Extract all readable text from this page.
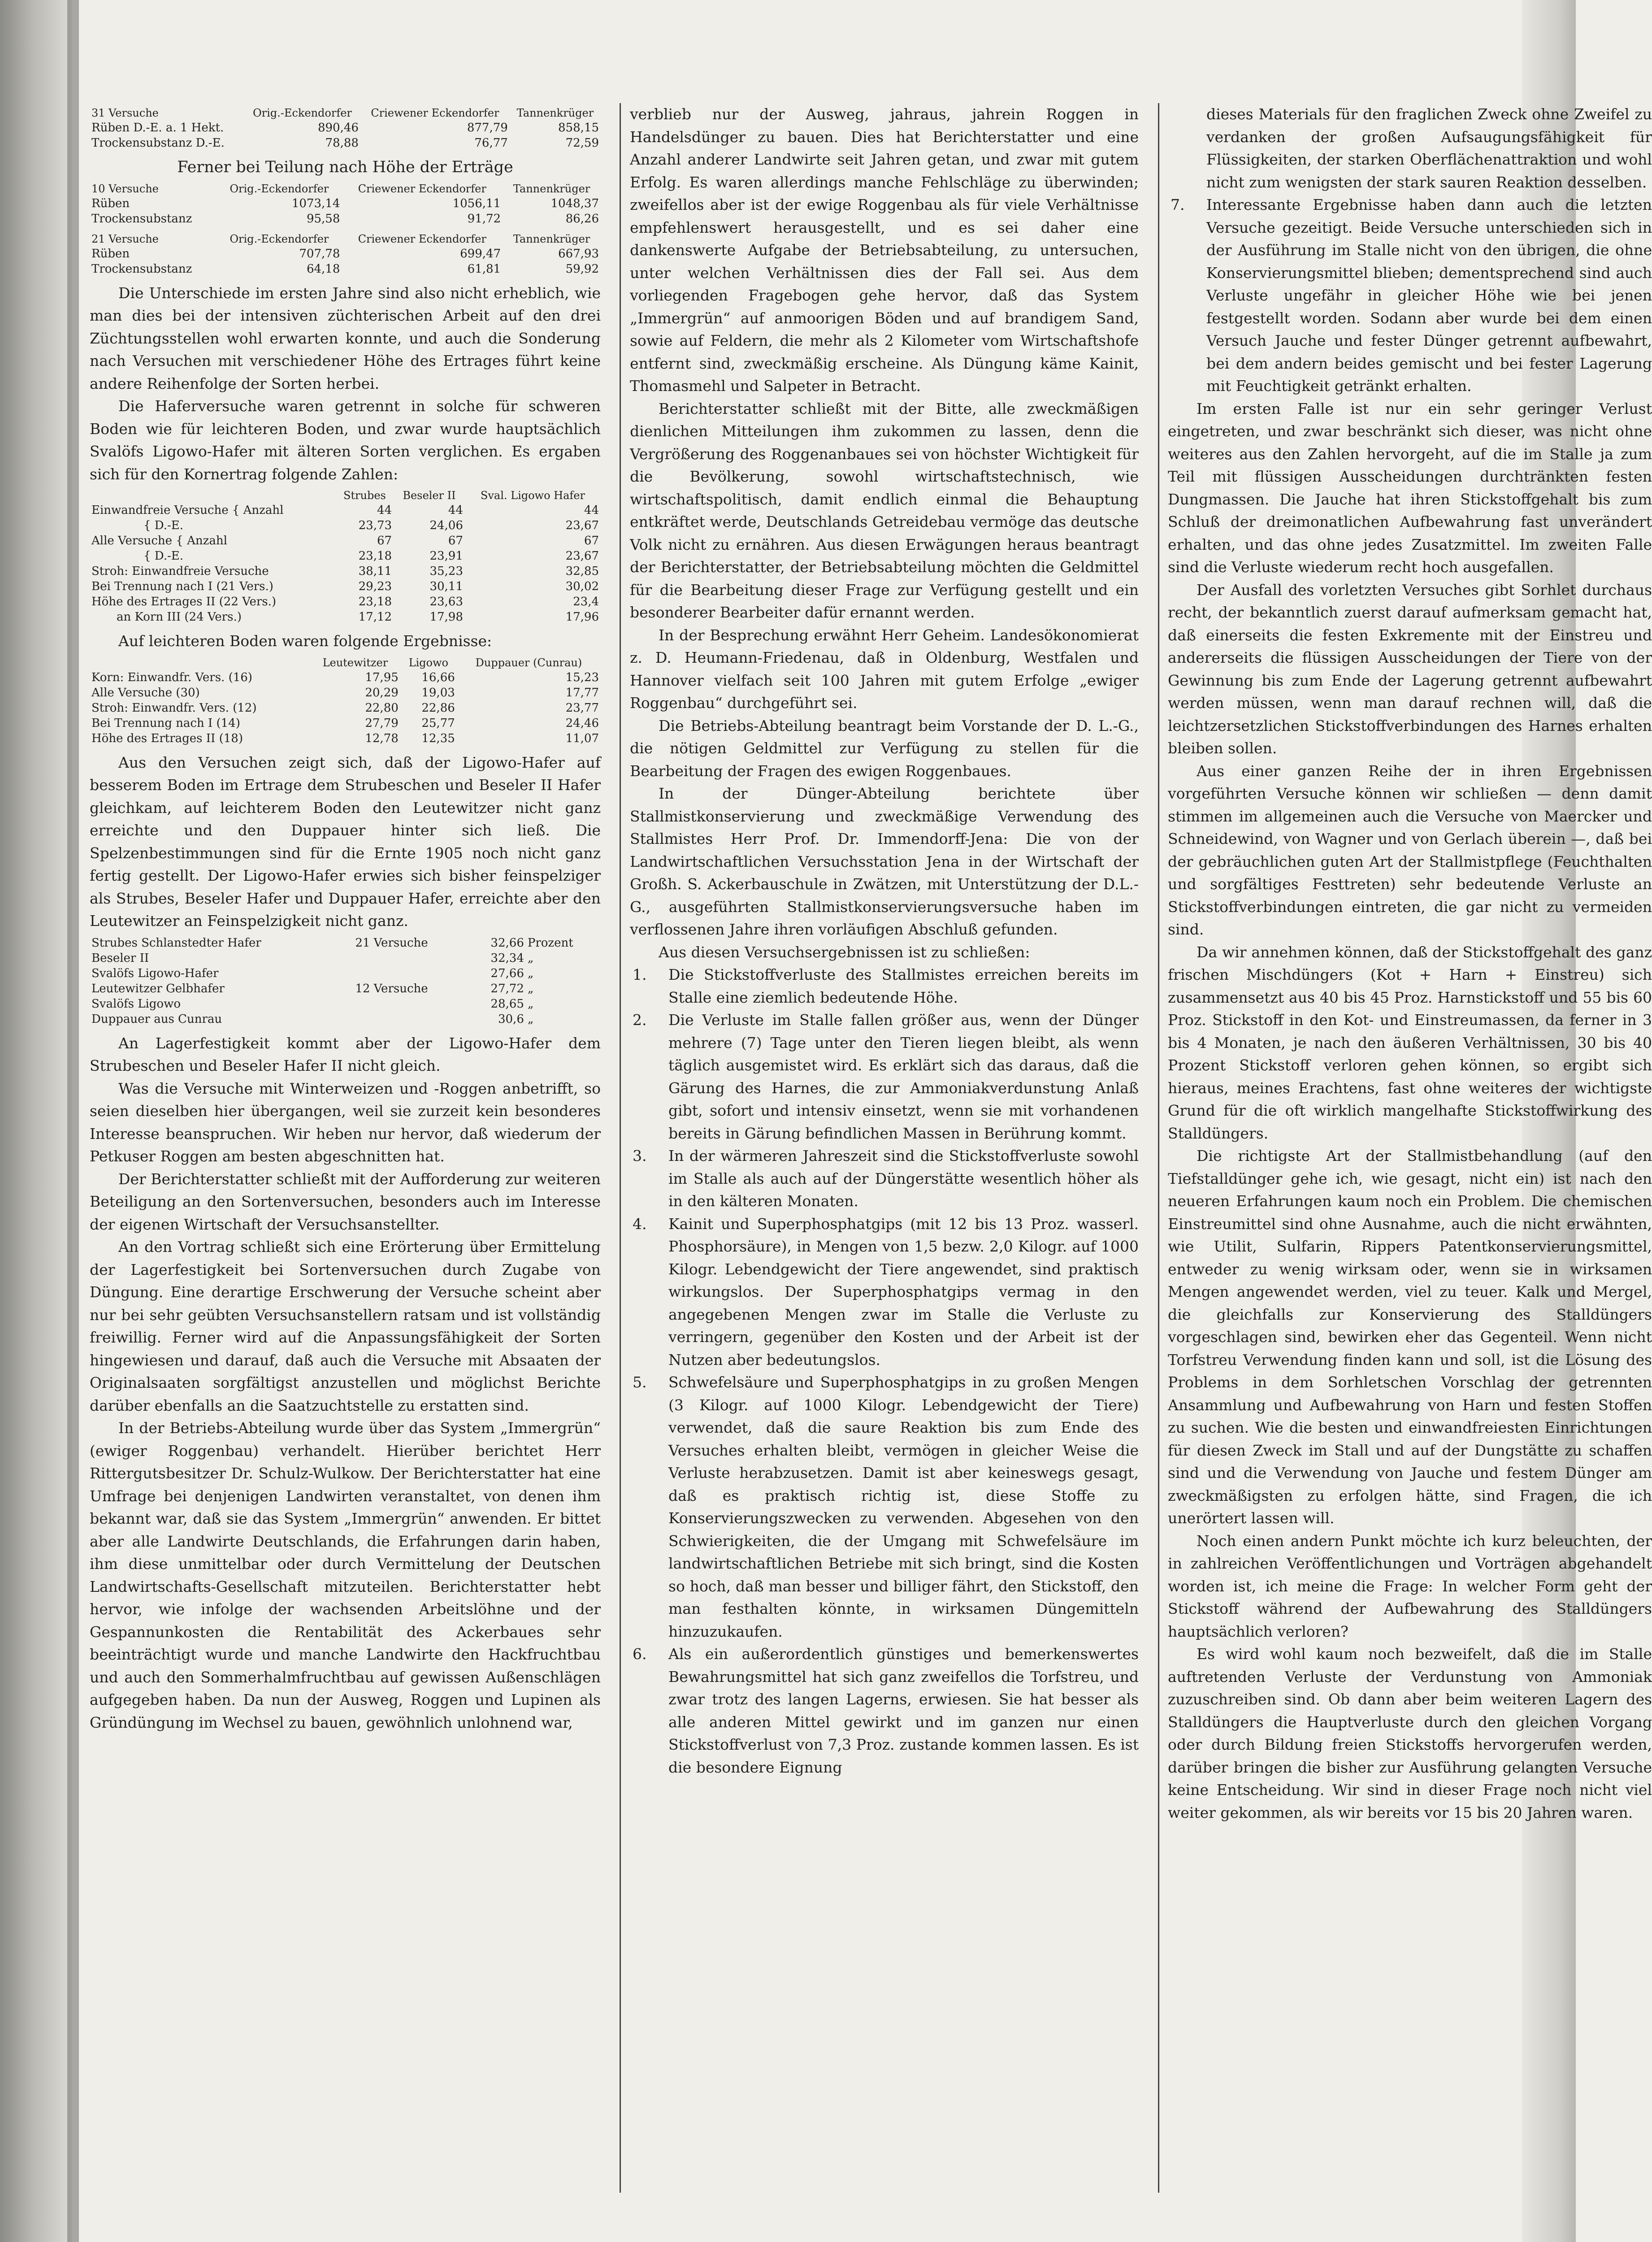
31 Versuche	Orig.-Eckendorfer	Criewener Eckendorfer	Tannenkrüger
Rüben D.-E. a. 1 Hekt.	890,46	877,79	858,15
Trockensubstanz D.-E.	78,88	76,77	72,59
Ferner bei Teilung nach Höhe der Erträge
10 Versuche	Orig.-Eckendorfer	Criewener Eckendorfer	Tannenkrüger
Rüben	1073,14	1056,11	1048,37
Trockensubstanz	95,58	91,72	86,26
21 Versuche	Orig.-Eckendorfer	Criewener Eckendorfer	Tannenkrüger
Rüben	707,78	699,47	667,93
Trockensubstanz	64,18	61,81	59,92

Die Unterschiede im ersten Jahre sind also nicht erheblich, wie man dies bei der intensiven züchterischen Arbeit auf den drei Züchtungsstellen wohl erwarten konnte, und auch die Sonderung nach Versuchen mit verschiedener Höhe des Ertrages führt keine andere Reihenfolge der Sorten herbei.

Die Haferversuche waren getrennt in solche für schweren Boden wie für leichteren Boden, und zwar wurde hauptsächlich Svalöfs Ligowo-Hafer mit älteren Sorten verglichen. Es ergaben sich für den Kornertrag folgende Zahlen:

	Strubes	Beseler II	Sval. Ligowo Hafer
Einwandfreie Versuche { Anzahl	44	44	44
{ D.-E.	23,73	24,06	23,67
Alle Versuche { Anzahl	67	67	67
{ D.-E.	23,18	23,91	23,67
Stroh: Einwandfreie Versuche	38,11	35,23	32,85
Bei Trennung nach I (21 Vers.)	29,23	30,11	30,02
Höhe des Ertrages II (22 Vers.)	23,18	23,63	23,4
an Korn III (24 Vers.)	17,12	17,98	17,96

Auf leichteren Boden waren folgende Ergebnisse:

	Leutewitzer	Ligowo	Duppauer (Cunrau)
Korn: Einwandfr. Vers. (16)	17,95	16,66	15,23
Alle Versuche (30)	20,29	19,03	17,77
Stroh: Einwandfr. Vers. (12)	22,80	22,86	23,77
Bei Trennung nach I (14)	27,79	25,77	24,46
Höhe des Ertrages II (18)	12,78	12,35	11,07

Aus den Versuchen zeigt sich, daß der Ligowo-Hafer auf besserem Boden im Ertrage dem Strubeschen und Beseler II Hafer gleichkam, auf leichterem Boden den Leutewitzer nicht ganz erreichte und den Duppauer hinter sich ließ. Die Spelzenbestimmungen sind für die Ernte 1905 noch nicht ganz fertig gestellt. Der Ligowo-Hafer erwies sich bisher feinspelziger als Strubes, Beseler Hafer und Duppauer Hafer, erreichte aber den Leutewitzer an Feinspelzigkeit nicht ganz.

Strubes Schlanstedter Hafer	21 Versuche	32,66	Prozent
Beseler II		32,34	„
Svalöfs Ligowo-Hafer		27,66	„
Leutewitzer Gelbhafer	12 Versuche	27,72	„
Svalöfs Ligowo		28,65	„
Duppauer aus Cunrau		30,6	„

An Lagerfestigkeit kommt aber der Ligowo-Hafer dem Strubeschen und Beseler Hafer II nicht gleich.

Was die Versuche mit Winterweizen und -Roggen anbetrifft, so seien dieselben hier übergangen, weil sie zurzeit kein besonderes Interesse beanspruchen. Wir heben nur hervor, daß wiederum der Petkuser Roggen am besten abgeschnitten hat.

Der Berichterstatter schließt mit der Aufforderung zur weiteren Beteiligung an den Sortenversuchen, besonders auch im Interesse der eigenen Wirtschaft der Versuchsanstellter.

An den Vortrag schließt sich eine Erörterung über Ermittelung der Lagerfestigkeit bei Sortenversuchen durch Zugabe von Düngung. Eine derartige Erschwerung der Versuche scheint aber nur bei sehr geübten Versuchsanstellern ratsam und ist vollständig freiwillig. Ferner wird auf die Anpassungsfähigkeit der Sorten hingewiesen und darauf, daß auch die Versuche mit Absaaten der Originalsaaten sorgfältigst anzustellen und möglichst Berichte darüber ebenfalls an die Saatzuchtstelle zu erstatten sind.

In der Betriebs-Abteilung wurde über das System „Immergrün“ (ewiger Roggenbau) verhandelt. Hierüber berichtet Herr Rittergutsbesitzer Dr. Schulz-Wulkow. Der Berichterstatter hat eine Umfrage bei denjenigen Landwirten veranstaltet, von denen ihm bekannt war, daß sie das System „Immergrün“ anwenden. Er bittet aber alle Landwirte Deutschlands, die Erfahrungen darin haben, ihm diese unmittelbar oder durch Vermittelung der Deutschen Landwirtschafts-Gesellschaft mitzuteilen. Berichterstatter hebt hervor, wie infolge der wachsenden Arbeitslöhne und der Gespannunkosten die Rentabilität des Ackerbaues sehr beeinträchtigt wurde und manche Landwirte den Hackfruchtbau und auch den Sommerhalmfruchtbau auf gewissen Außenschlägen aufgegeben haben. Da nun der Ausweg, Roggen und Lupinen als Gründüngung im Wechsel zu bauen, gewöhnlich unlohnend war,

verblieb nur der Ausweg, jahraus, jahrein Roggen in Handelsdünger zu bauen. Dies hat Berichterstatter und eine Anzahl anderer Landwirte seit Jahren getan, und zwar mit gutem Erfolg. Es waren allerdings manche Fehlschläge zu überwinden; zweifellos aber ist der ewige Roggenbau als für viele Verhältnisse empfehlenswert herausgestellt, und es sei daher eine dankenswerte Aufgabe der Betriebsabteilung, zu untersuchen, unter welchen Verhältnissen dies der Fall sei. Aus dem vorliegenden Fragebogen gehe hervor, daß das System „Immergrün“ auf anmoorigen Böden und auf brandigem Sand, sowie auf Feldern, die mehr als 2 Kilometer vom Wirtschaftshofe entfernt sind, zweckmäßig erscheine. Als Düngung käme Kainit, Thomasmehl und Salpeter in Betracht.

Berichterstatter schließt mit der Bitte, alle zweckmäßigen dienlichen Mitteilungen ihm zukommen zu lassen, denn die Vergrößerung des Roggenanbaues sei von höchster Wichtigkeit für die Bevölkerung, sowohl wirtschaftstechnisch, wie wirtschaftspolitisch, damit endlich einmal die Behauptung entkräftet werde, Deutschlands Getreidebau vermöge das deutsche Volk nicht zu ernähren. Aus diesen Erwägungen heraus beantragt der Berichterstatter, der Betriebsabteilung möchten die Geldmittel für die Bearbeitung dieser Frage zur Verfügung gestellt und ein besonderer Bearbeiter dafür ernannt werden.

In der Besprechung erwähnt Herr Geheim. Landesökonomierat z. D. Heumann-Friedenau, daß in Oldenburg, Westfalen und Hannover vielfach seit 100 Jahren mit gutem Erfolge „ewiger Roggenbau“ durchgeführt sei.

Die Betriebs-Abteilung beantragt beim Vorstande der D. L.-G., die nötigen Geldmittel zur Verfügung zu stellen für die Bearbeitung der Fragen des ewigen Roggenbaues.

In der Dünger-Abteilung berichtete über Stallmistkonservierung und zweckmäßige Verwendung des Stallmistes Herr Prof. Dr. Immendorff-Jena: Die von der Landwirtschaftlichen Versuchsstation Jena in der Wirtschaft der Großh. S. Ackerbauschule in Zwätzen, mit Unterstützung der D.L.-G., ausgeführten Stallmistkonservierungsversuche haben im verflossenen Jahre ihren vorläufigen Abschluß gefunden.

Aus diesen Versuchsergebnissen ist zu schließen:

1. Die Stickstoffverluste des Stallmistes erreichen bereits im Stalle eine ziemlich bedeutende Höhe.
2. Die Verluste im Stalle fallen größer aus, wenn der Dünger mehrere (7) Tage unter den Tieren liegen bleibt, als wenn täglich ausgemistet wird. Es erklärt sich das daraus, daß die Gärung des Harnes, die zur Ammoniakverdunstung Anlaß gibt, sofort und intensiv einsetzt, wenn sie mit vorhandenen bereits in Gärung befindlichen Massen in Berührung kommt.
3. In der wärmeren Jahreszeit sind die Stickstoffverluste sowohl im Stalle als auch auf der Düngerstätte wesentlich höher als in den kälteren Monaten.
4. Kainit und Superphosphatgips (mit 12 bis 13 Proz. wasserl. Phosphorsäure), in Mengen von 1,5 bezw. 2,0 Kilogr. auf 1000 Kilogr. Lebendgewicht der Tiere angewendet, sind praktisch wirkungslos. Der Superphosphatgips vermag in den angegebenen Mengen zwar im Stalle die Verluste zu verringern, gegenüber den Kosten und der Arbeit ist der Nutzen aber bedeutungslos.
5. Schwefelsäure und Superphosphatgips in zu großen Mengen (3 Kilogr. auf 1000 Kilogr. Lebendgewicht der Tiere) verwendet, daß die saure Reaktion bis zum Ende des Versuches erhalten bleibt, vermögen in gleicher Weise die Verluste herabzusetzen. Damit ist aber keineswegs gesagt, daß es praktisch richtig ist, diese Stoffe zu Konservierungszwecken zu verwenden. Abgesehen von den Schwierigkeiten, die der Umgang mit Schwefelsäure im landwirtschaftlichen Betriebe mit sich bringt, sind die Kosten so hoch, daß man besser und billiger fährt, den Stickstoff, den man festhalten könnte, in wirksamen Düngemitteln hinzuzukaufen.
6. Als ein außerordentlich günstiges und bemerkenswertes Bewahrungsmittel hat sich ganz zweifellos die Torfstreu, und zwar trotz des langen Lagerns, erwiesen. Sie hat besser als alle anderen Mittel gewirkt und im ganzen nur einen Stickstoffverlust von 7,3 Proz. zustande kommen lassen. Es ist die besondere Eignung
dieses Materials für den fraglichen Zweck ohne Zweifel zu verdanken der großen Aufsaugungsfähigkeit für Flüssigkeiten, der starken Oberflächenattraktion und wohl nicht zum wenigsten der stark sauren Reaktion desselben.
7. Interessante Ergebnisse haben dann auch die letzten Versuche gezeitigt. Beide Versuche unterschieden sich in der Ausführung im Stalle nicht von den übrigen, die ohne Konservierungsmittel blieben; dementsprechend sind auch Verluste ungefähr in gleicher Höhe wie bei jenen festgestellt worden. Sodann aber wurde bei dem einen Versuch Jauche und fester Dünger getrennt aufbewahrt, bei dem andern beides gemischt und bei fester Lagerung mit Feuchtigkeit getränkt erhalten.

Im ersten Falle ist nur ein sehr geringer Verlust eingetreten, und zwar beschränkt sich dieser, was nicht ohne weiteres aus den Zahlen hervorgeht, auf die im Stalle ja zum Teil mit flüssigen Ausscheidungen durchtränkten festen Dungmassen. Die Jauche hat ihren Stickstoffgehalt bis zum Schluß der dreimonatlichen Aufbewahrung fast unverändert erhalten, und das ohne jedes Zusatzmittel. Im zweiten Falle sind die Verluste wiederum recht hoch ausgefallen.

Der Ausfall des vorletzten Versuches gibt Sorhlet durchaus recht, der bekanntlich zuerst darauf aufmerksam gemacht hat, daß einerseits die festen Exkremente mit der Einstreu und andererseits die flüssigen Ausscheidungen der Tiere von der Gewinnung bis zum Ende der Lagerung getrennt aufbewahrt werden müssen, wenn man darauf rechnen will, daß die leichtzersetzlichen Stickstoffverbindungen des Harnes erhalten bleiben sollen.

Aus einer ganzen Reihe der in ihren Ergebnissen vorgeführten Versuche können wir schließen — denn damit stimmen im allgemeinen auch die Versuche von Maercker und Schneidewind, von Wagner und von Gerlach überein —, daß bei der gebräuchlichen guten Art der Stallmistpflege (Feuchthalten und sorgfältiges Festtreten) sehr bedeutende Verluste an Stickstoffverbindungen eintreten, die gar nicht zu vermeiden sind.

Da wir annehmen können, daß der Stickstoffgehalt des ganz frischen Mischdüngers (Kot + Harn + Einstreu) sich zusammensetzt aus 40 bis 45 Proz. Harnstickstoff und 55 bis 60 Proz. Stickstoff in den Kot- und Einstreumassen, da ferner in 3 bis 4 Monaten, je nach den äußeren Verhältnissen, 30 bis 40 Prozent Stickstoff verloren gehen können, so ergibt sich hieraus, meines Erachtens, fast ohne weiteres der wichtigste Grund für die oft wirklich mangelhafte Stickstoffwirkung des Stalldüngers.

Die richtigste Art der Stallmistbehandlung (auf den Tiefstalldünger gehe ich, wie gesagt, nicht ein) ist nach den neueren Erfahrungen kaum noch ein Problem. Die chemischen Einstreumittel sind ohne Ausnahme, auch die nicht erwähnten, wie Utilit, Sulfarin, Rippers Patentkonservierungsmittel, entweder zu wenig wirksam oder, wenn sie in wirksamen Mengen angewendet werden, viel zu teuer. Kalk und Mergel, die gleichfalls zur Konservierung des Stalldüngers vorgeschlagen sind, bewirken eher das Gegenteil. Wenn nicht Torfstreu Verwendung finden kann und soll, ist die Lösung des Problems in dem Sorhletschen Vorschlag der getrennten Ansammlung und Aufbewahrung von Harn und festen Stoffen zu suchen. Wie die besten und einwandfreiesten Einrichtungen für diesen Zweck im Stall und auf der Dungstätte zu schaffen sind und die Verwendung von Jauche und festem Dünger am zweckmäßigsten zu erfolgen hätte, sind Fragen, die ich unerörtert lassen will.

Noch einen andern Punkt möchte ich kurz beleuchten, der in zahlreichen Veröffentlichungen und Vorträgen abgehandelt worden ist, ich meine die Frage: In welcher Form geht der Stickstoff während der Aufbewahrung des Stalldüngers hauptsächlich verloren?

Es wird wohl kaum noch bezweifelt, daß die im Stalle auftretenden Verluste der Verdunstung von Ammoniak zuzuschreiben sind. Ob dann aber beim weiteren Lagern des Stalldüngers die Hauptverluste durch den gleichen Vorgang oder durch Bildung freien Stickstoffs hervorgerufen werden, darüber bringen die bisher zur Ausführung gelangten Versuche keine Entscheidung. Wir sind in dieser Frage noch nicht viel weiter gekommen, als wir bereits vor 15 bis 20 Jahren waren.
